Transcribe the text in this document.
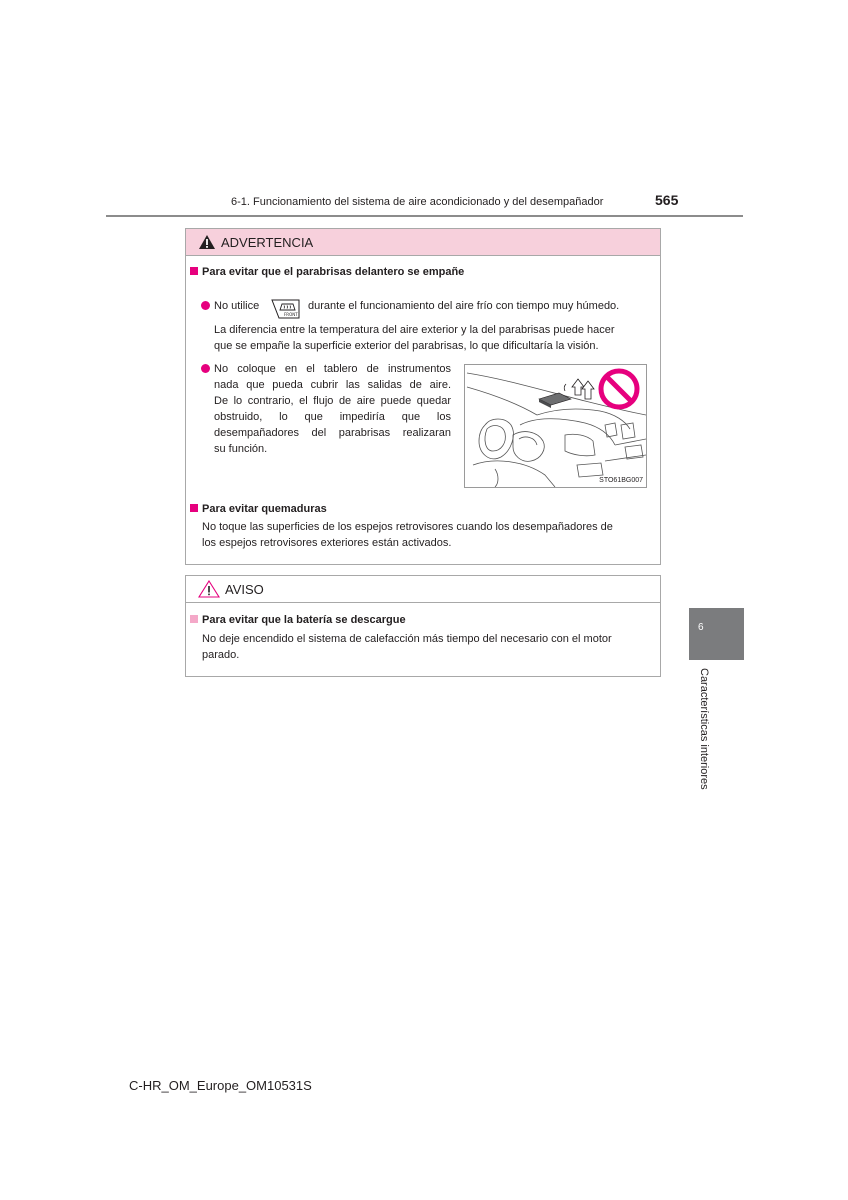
6-1. Funcionamiento del sistema de aire acondicionado y del desempañador	565
ADVERTENCIA
Para evitar que el parabrisas delantero se empañe
No utilice
FRONT
durante el funcionamiento del aire frío con tiempo muy húmedo.
La diferencia entre la temperatura del aire exterior y la del parabrisas puede hacer
que se empañe la superficie exterior del parabrisas, lo que dificultaría la visión.
No coloque en el tablero de instrumentos
nada que pueda cubrir las salidas de aire.
De lo contrario, el flujo de aire puede quedar
obstruido, lo que impediría que los
desempañadores del parabrisas realizaran
su función.
STO61BG007
Para evitar quemaduras
No toque las superficies de los espejos retrovisores cuando los desempañadores de
los espejos retrovisores exteriores están activados.
AVISO
Para evitar que la batería se descargue
No deje encendido el sistema de calefacción más tiempo del necesario con el motor
parado.
6
Características interiores
C-HR_OM_Europe_OM10531S
